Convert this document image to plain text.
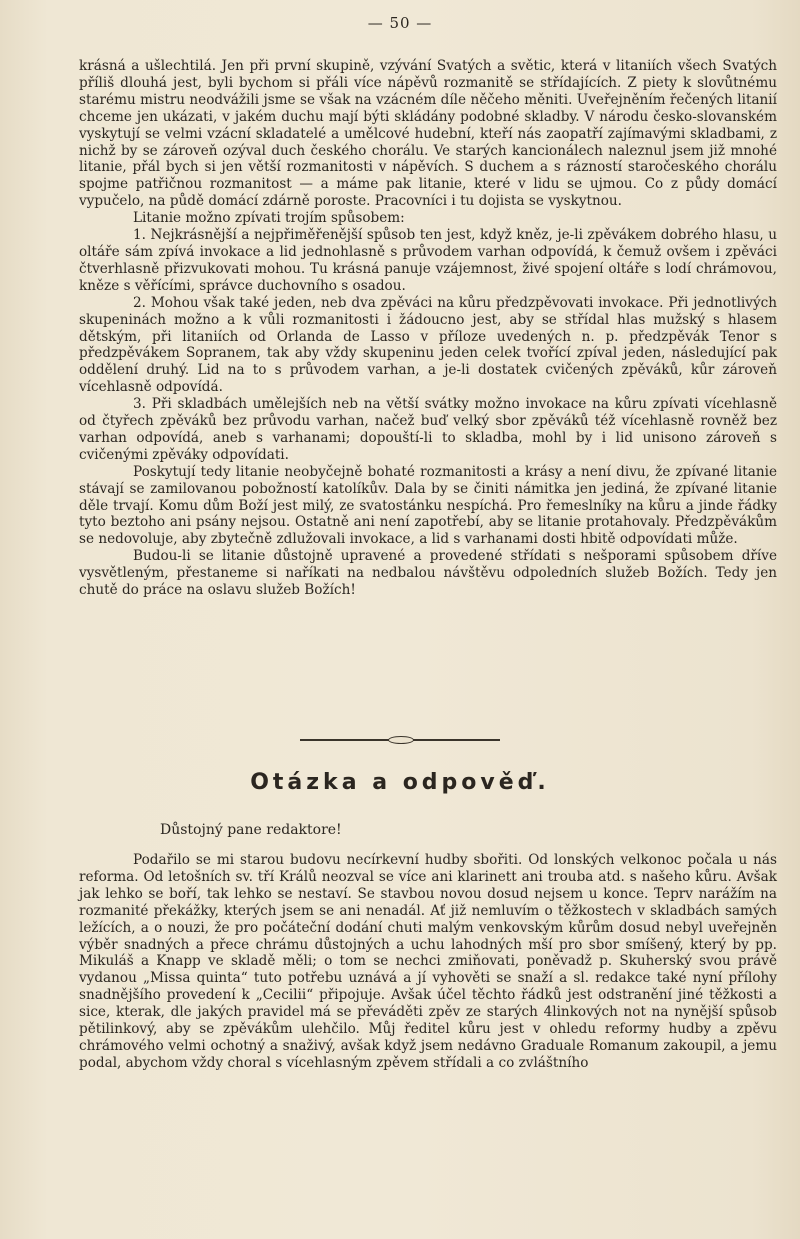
— 50 —

krásná a ušlechtilá. Jen při první skupině, vzývání Svatých a světic, která v litaniích všech Svatých příliš dlouhá jest, byli bychom si přáli více nápěvů rozmanitě se střídajících. Z piety k slovůtnému starému mistru neodvážili jsme se však na vzácném díle něčeho měniti. Uveřejněním řečených litanií chceme jen ukázati, v jakém duchu mají býti skládány podobné skladby. V národu česko-slovanském vyskytují se velmi vzácní skladatelé a umělcové hudební, kteří nás zaopatří zajímavými skladbami, z nichž by se zároveň ozýval duch českého chorálu. Ve starých kancionálech naleznul jsem již mnohé litanie, přál bych si jen větší rozmanitosti v nápěvích. S duchem a s rázností staročeského chorálu spojme patřičnou rozmanitost — a máme pak litanie, které v lidu se ujmou. Co z půdy domácí vypučelo, na půdě domácí zdárně poroste. Pracovníci i tu dojista se vyskytnou.

Litanie možno zpívati trojím spůsobem:

1. Nejkrásnější a nejpřiměřenější spůsob ten jest, když kněz, je-li zpěvákem dobrého hlasu, u oltáře sám zpívá invokace a lid jednohlasně s průvodem varhan odpovídá, k čemuž ovšem i zpěváci čtverhlasně přizvukovati mohou. Tu krásná panuje vzájemnost, živé spojení oltáře s lodí chrámovou, kněze s věřícími, správce duchovního s osadou.

2. Mohou však také jeden, neb dva zpěváci na kůru předzpěvovati invokace. Při jednotlivých skupeninách možno a k vůli rozmanitosti i žádoucno jest, aby se střídal hlas mužský s hlasem dětským, při litaniích od Orlanda de Lasso v příloze uvedených n. p. předzpěvák Tenor s předzpěvákem Sopranem, tak aby vždy skupeninu jeden celek tvořící zpíval jeden, následující pak oddělení druhý. Lid na to s průvodem varhan, a je-li dostatek cvičených zpěváků, kůr zároveň vícehlasně odpovídá.

3. Při skladbách umělejších neb na větší svátky možno invokace na kůru zpívati vícehlasně od čtyřech zpěváků bez průvodu varhan, načež buď velký sbor zpěváků též vícehlasně rovněž bez varhan odpovídá, aneb s varhanami; dopouští-li to skladba, mohl by i lid unisono zároveň s cvičenými zpěváky odpovídati.

Poskytují tedy litanie neobyčejně bohaté rozmanitosti a krásy a není divu, že zpívané litanie stávají se zamilovanou pobožností katolíkův. Dala by se činiti námitka jen jediná, že zpívané litanie děle trvají. Komu dům Boží jest milý, ze svatostánku nespíchá. Pro řemeslníky na kůru a jinde řádky tyto beztoho ani psány nejsou. Ostatně ani není zapotřebí, aby se litanie protahovaly. Předzpěvákům se nedovoluje, aby zbytečně zdlužovali invokace, a lid s varhanami dosti hbitě odpovídati může.

Budou-li se litanie důstojně upravené a provedené střídati s nešporami spůsobem dříve vysvětleným, přestaneme si naříkati na nedbalou návštěvu odpoledních služeb Božích. Tedy jen chutě do práce na oslavu služeb Božích!

Otázka a odpověď.
Důstojný pane redaktore!

Podařilo se mi starou budovu necírkevní hudby sbořiti. Od lonských velkonoc počala u nás reforma. Od letošních sv. tří Králů neozval se více ani klarinett ani trouba atd. s našeho kůru. Avšak jak lehko se boří, tak lehko se nestaví. Se stavbou novou dosud nejsem u konce. Teprv narážím na rozmanité překážky, kterých jsem se ani nenadál. Ať již nemluvím o těžkostech v skladbách samých ležících, a o nouzi, že pro počáteční dodání chuti malým venkovským kůrům dosud nebyl uveřejněn výběr snadných a přece chrámu důstojných a uchu lahodných mší pro sbor smíšený, který by pp. Mikuláš a Knapp ve skladě měli; o tom se nechci zmiňovati, poněvadž p. Skuherský svou právě vydanou „Missa quinta“ tuto potřebu uznává a jí vyhověti se snaží a sl. redakce také nyní přílohy snadnějšího provedení k „Cecilii“ připojuje. Avšak účel těchto řádků jest odstranění jiné těžkosti a sice, kterak, dle jakých pravidel má se převáděti zpěv ze starých 4linkových not na nynější spůsob pětilinkový, aby se zpěvákům ulehčilo. Můj ředitel kůru jest v ohledu reformy hudby a zpěvu chrámového velmi ochotný a snaživý, avšak když jsem nedávno Graduale Romanum zakoupil, a jemu podal, abychom vždy choral s vícehlasným zpěvem střídali a co zvláštního
